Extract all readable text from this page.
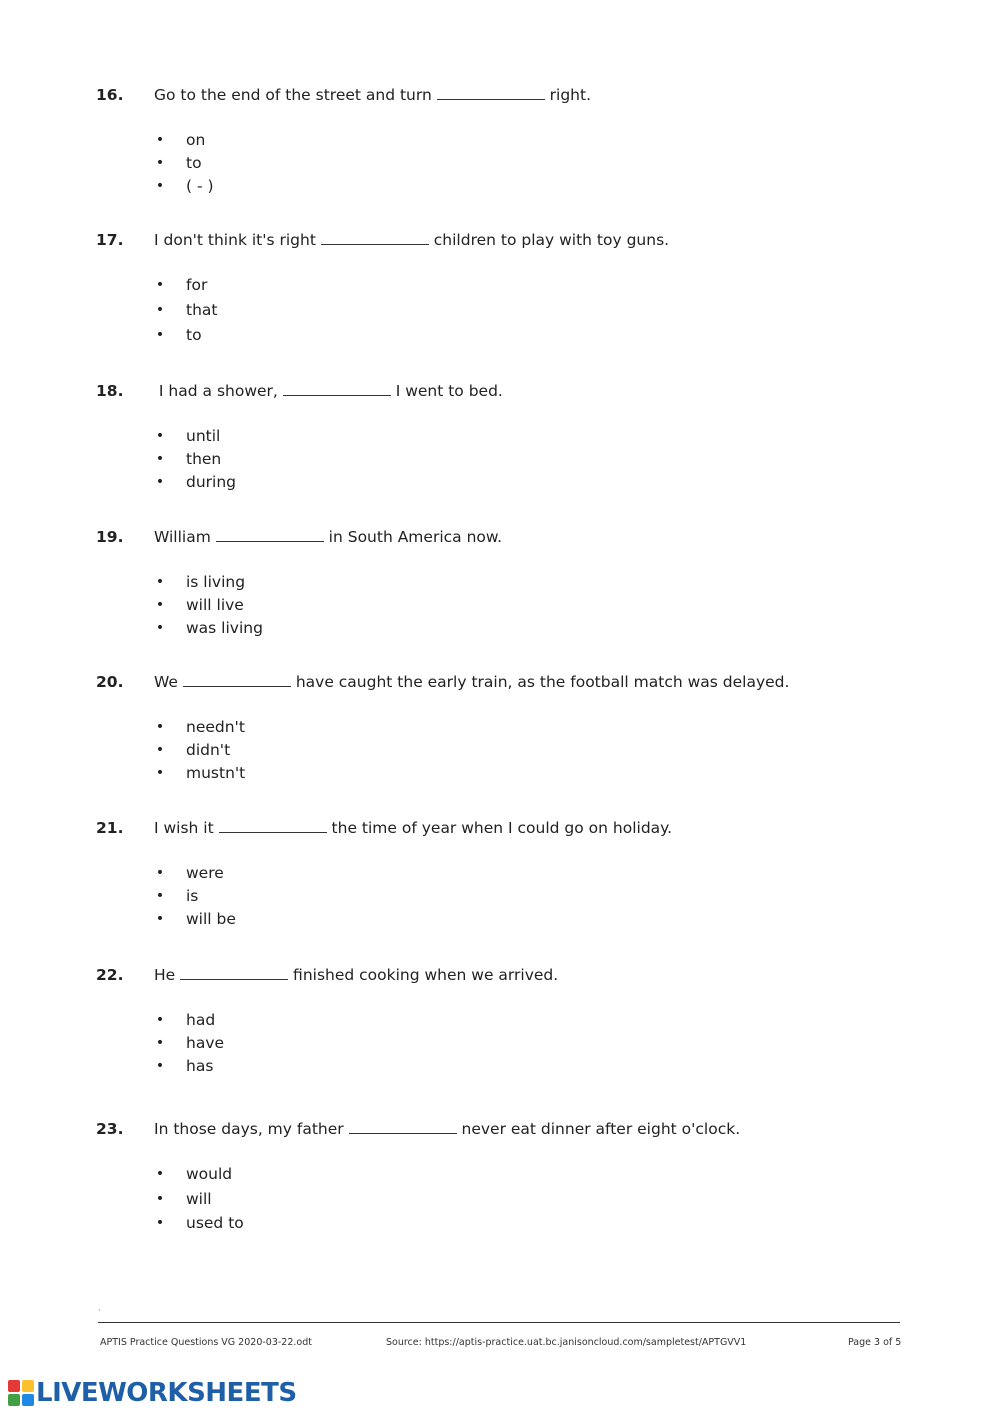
16. Go to the end of the street and turn	right.
• on
• to
• ( - )
17. I don't think it's right	children to play with toy guns.
• for
• that
• to
18. I had a shower,	I went to bed.
• until
• then
• during
19. William	in South America now.
• is living
• will live
• was living
20. We	have caught the early train, as the football match was delayed.
• needn't
• didn't
• mustn't
21. I wish it	the time of year when I could go on holiday.
• were
• is
• will be
22. He	finished cooking when we arrived.
• had
• have
• has
23. In those days, my father	never eat dinner after eight o'clock.
• would
• will
• used to
·
APTIS Practice Questions VG 2020-03-22.odt	Source: https://aptis-practice.uat.bc.janisoncloud.com/sampletest/APTGVV1	Page 3 of 5
LIVEWORKSHEETS
